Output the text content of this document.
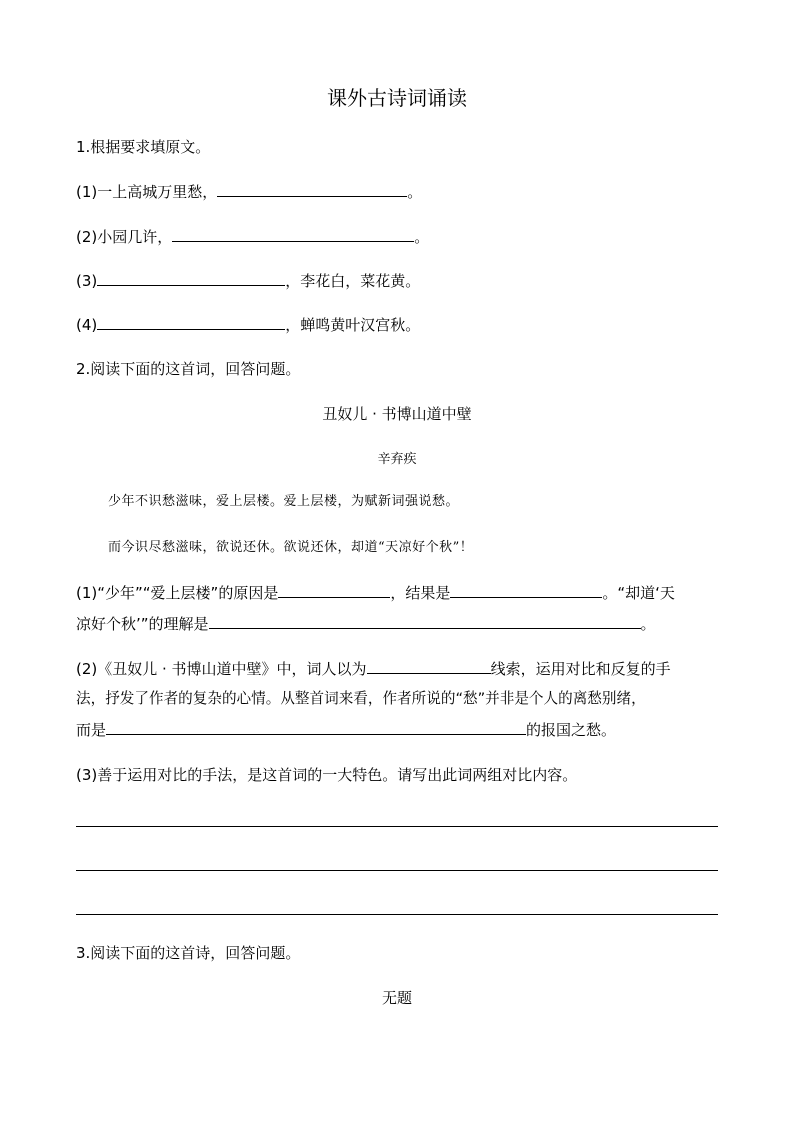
课外古诗词诵读
1.根据要求填原文。
(1)一上高城万里愁，	。
(2)小园几许，	。
(3)	，李花白，菜花黄。
(4)	，蝉鸣黄叶汉宫秋。
2.阅读下面的这首词，回答问题。
丑奴儿 · 书博山道中壁
辛弃疾
少年不识愁滋味，爱上层楼。爱上层楼，为赋新词强说愁。
而今识尽愁滋味，欲说还休。欲说还休，却道“天凉好个秋”！
(1)“少年”“爱上层楼”的原因是	，结果是	。“却道‘天
凉好个秋’”的理解是	。
(2)《丑奴儿 · 书博山道中壁》中，词人以为	线索，运用对比和反复的手
法，抒发了作者的复杂的心情。从整首词来看，作者所说的“愁”并非是个人的离愁别绪，
而是	的报国之愁。
(3)善于运用对比的手法，是这首词的一大特色。请写出此词两组对比内容。
3.阅读下面的这首诗，回答问题。
无题
